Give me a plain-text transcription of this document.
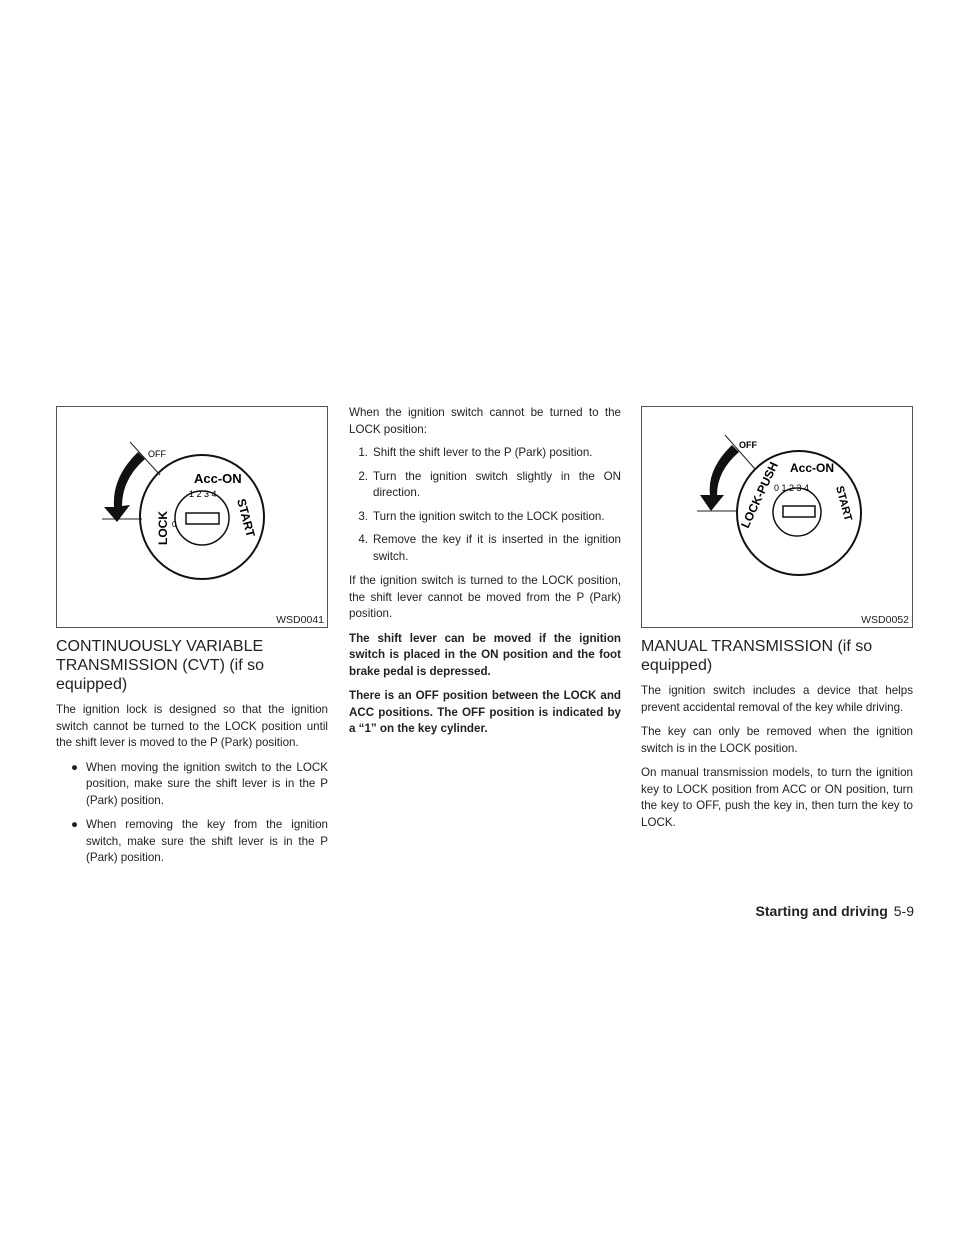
OFF
Acc-ON
START
LOCK
1 2 3 4
0
WSD0041
CONTINUOUSLY VARIABLE TRANSMISSION (CVT) (if so equipped)

The ignition lock is designed so that the ignition switch cannot be turned to the LOCK position until the shift lever is moved to the P (Park) position.

● When moving the ignition switch to the LOCK position, make sure the shift lever is in the P (Park) position.
● When removing the key from the ignition switch, make sure the shift lever is in the P (Park) position.

When the ignition switch cannot be turned to the LOCK position:

1. Shift the shift lever to the P (Park) position.
2. Turn the ignition switch slightly in the ON direction.
3. Turn the ignition switch to the LOCK position.
4. Remove the key if it is inserted in the ignition switch.

If the ignition switch is turned to the LOCK position, the shift lever cannot be moved from the P (Park) position.

The shift lever can be moved if the ignition switch is placed in the ON position and the foot brake pedal is depressed.

There is an OFF position between the LOCK and ACC positions. The OFF position is indicated by a “1” on the key cylinder.

OFF
LOCK-PUSH Acc-ON
START
0 1 2 3 4
WSD0052
MANUAL TRANSMISSION (if so equipped)

The ignition switch includes a device that helps prevent accidental removal of the key while driving.

The key can only be removed when the ignition switch is in the LOCK position.

On manual transmission models, to turn the ignition key to LOCK position from ACC or ON position, turn the key to OFF, push the key in, then turn the key to LOCK.

Starting and driving 5-9
